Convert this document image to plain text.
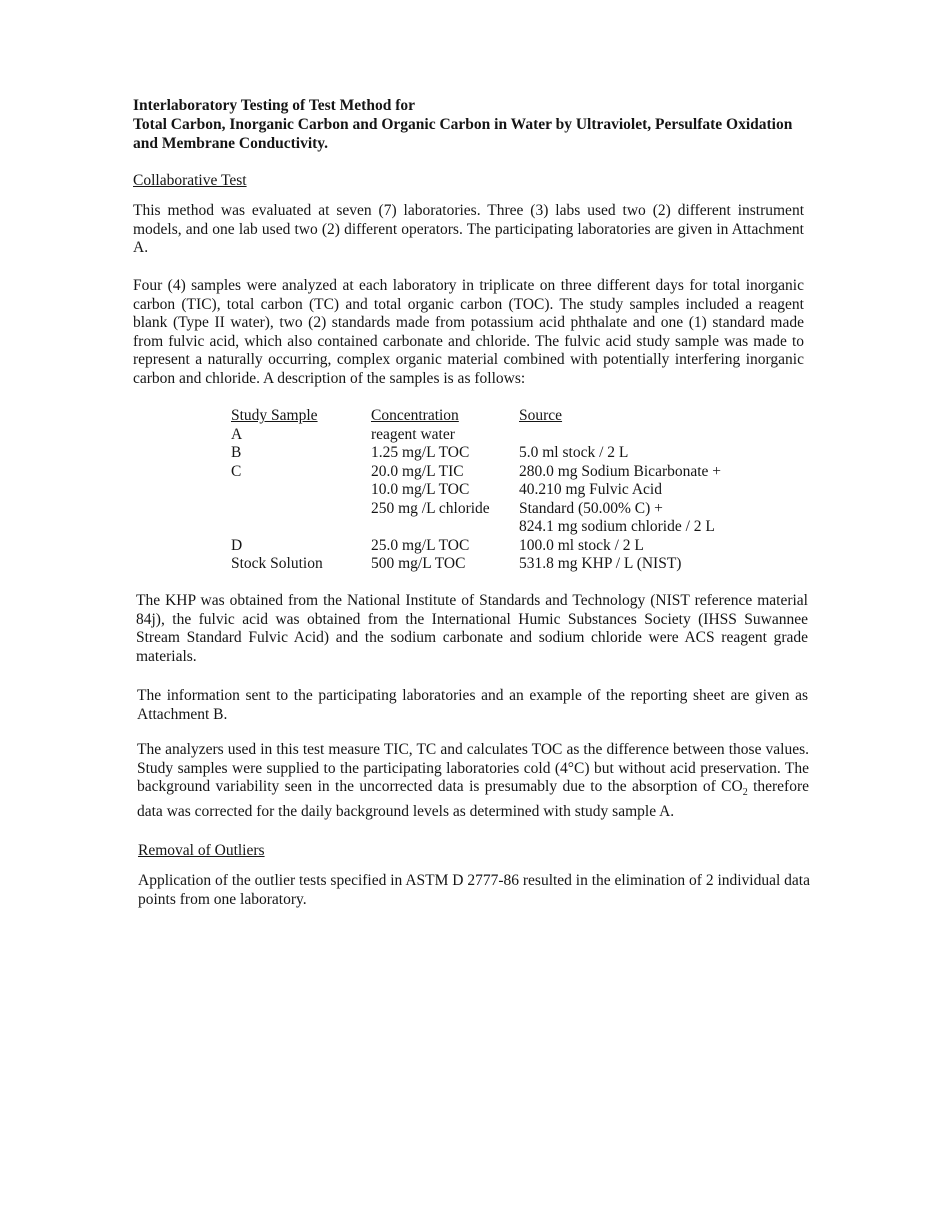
Interlaboratory Testing of Test Method for
Total Carbon, Inorganic Carbon and Organic Carbon in Water by Ultraviolet, Persulfate Oxidation
and Membrane Conductivity.

Collaborative Test

This method was evaluated at seven (7) laboratories. Three (3) labs used two (2) different instrument models, and one lab used two (2) different operators. The participating laboratories are given in Attachment A.

Four (4) samples were analyzed at each laboratory in triplicate on three different days for total inorganic carbon (TIC), total carbon (TC) and total organic carbon (TOC). The study samples included a reagent blank (Type II water), two (2) standards made from potassium acid phthalate and one (1) standard made from fulvic acid, which also contained carbonate and chloride. The fulvic acid study sample was made to represent a naturally occurring, complex organic material combined with potentially interfering inorganic carbon and chloride. A description of the samples is as follows:

Study Sample	Concentration	Source
A	reagent water	
B	1.25 mg/L TOC	5.0 ml stock / 2 L
C	20.0 mg/L TIC	280.0 mg Sodium Bicarbonate +
	10.0 mg/L TOC	40.210 mg Fulvic Acid
	250 mg /L chloride	Standard (50.00% C) +
		824.1 mg sodium chloride / 2 L
D	25.0 mg/L TOC	100.0 ml stock / 2 L
Stock Solution	500 mg/L TOC	531.8 mg KHP / L (NIST)

The KHP was obtained from the National Institute of Standards and Technology (NIST reference material 84j), the fulvic acid was obtained from the International Humic Substances Society (IHSS Suwannee Stream Standard Fulvic Acid) and the sodium carbonate and sodium chloride were ACS reagent grade materials.

The information sent to the participating laboratories and an example of the reporting sheet are given as Attachment B.

The analyzers used in this test measure TIC, TC and calculates TOC as the difference between those values. Study samples were supplied to the participating laboratories cold (4°C) but without acid preservation. The background variability seen in the uncorrected data is presumably due to the absorption of $CO_2$ therefore data was corrected for the daily background levels as determined with study sample A.

Removal of Outliers

Application of the outlier tests specified in ASTM D 2777-86 resulted in the elimination of 2 individual data points from one laboratory.
